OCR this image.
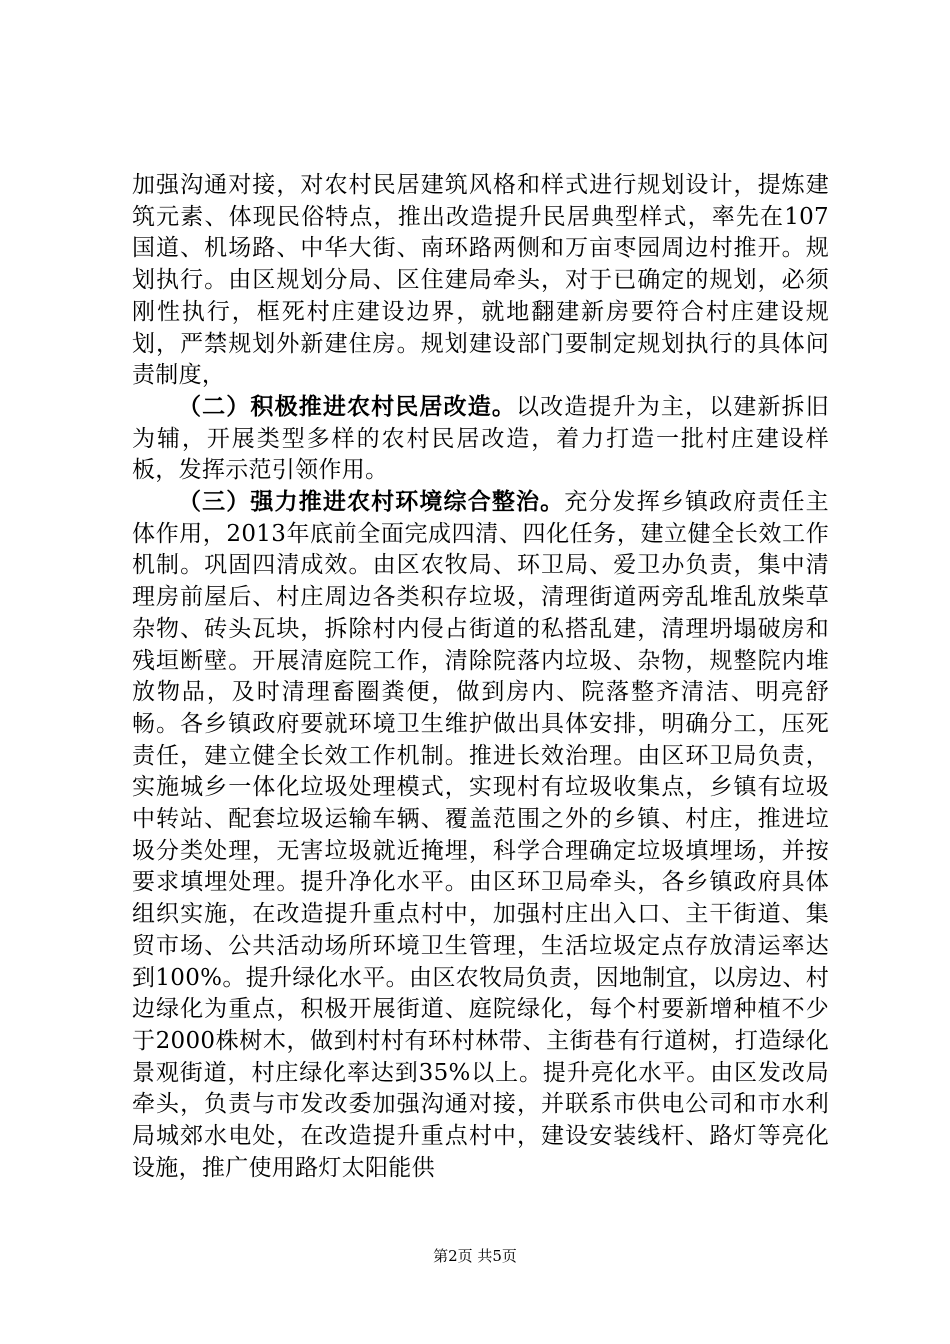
加强沟通对接，对农村民居建筑风格和样式进行规划设计，提炼建筑元素、体现民俗特点，推出改造提升民居典型样式，率先在107国道、机场路、中华大街、南环路两侧和万亩枣园周边村推开。规划执行。由区规划分局、区住建局牵头，对于已确定的规划，必须刚性执行，框死村庄建设边界，就地翻建新房要符合村庄建设规划，严禁规划外新建住房。规划建设部门要制定规划执行的具体问责制度，

（二）积极推进农村民居改造。以改造提升为主，以建新拆旧为辅，开展类型多样的农村民居改造，着力打造一批村庄建设样板，发挥示范引领作用。

（三）强力推进农村环境综合整治。充分发挥乡镇政府责任主体作用，2013年底前全面完成四清、四化任务，建立健全长效工作机制。巩固四清成效。由区农牧局、环卫局、爱卫办负责，集中清理房前屋后、村庄周边各类积存垃圾，清理街道两旁乱堆乱放柴草杂物、砖头瓦块，拆除村内侵占街道的私搭乱建，清理坍塌破房和残垣断壁。开展清庭院工作，清除院落内垃圾、杂物，规整院内堆放物品，及时清理畜圈粪便，做到房内、院落整齐清洁、明亮舒畅。各乡镇政府要就环境卫生维护做出具体安排，明确分工，压死责任，建立健全长效工作机制。推进长效治理。由区环卫局负责，实施城乡一体化垃圾处理模式，实现村有垃圾收集点，乡镇有垃圾中转站、配套垃圾运输车辆、覆盖范围之外的乡镇、村庄，推进垃圾分类处理，无害垃圾就近掩埋，科学合理确定垃圾填埋场，并按要求填埋处理。提升净化水平。由区环卫局牵头，各乡镇政府具体组织实施，在改造提升重点村中，加强村庄出入口、主干街道、集贸市场、公共活动场所环境卫生管理，生活垃圾定点存放清运率达到100%。提升绿化水平。由区农牧局负责，因地制宜，以房边、村边绿化为重点，积极开展街道、庭院绿化，每个村要新增种植不少于2000株树木，做到村村有环村林带、主街巷有行道树，打造绿化景观街道，村庄绿化率达到35%以上。提升亮化水平。由区发改局牵头，负责与市发改委加强沟通对接，并联系市供电公司和市水利局城郊水电处，在改造提升重点村中，建设安装线杆、路灯等亮化设施，推广使用路灯太阳能供

第2页 共5页
